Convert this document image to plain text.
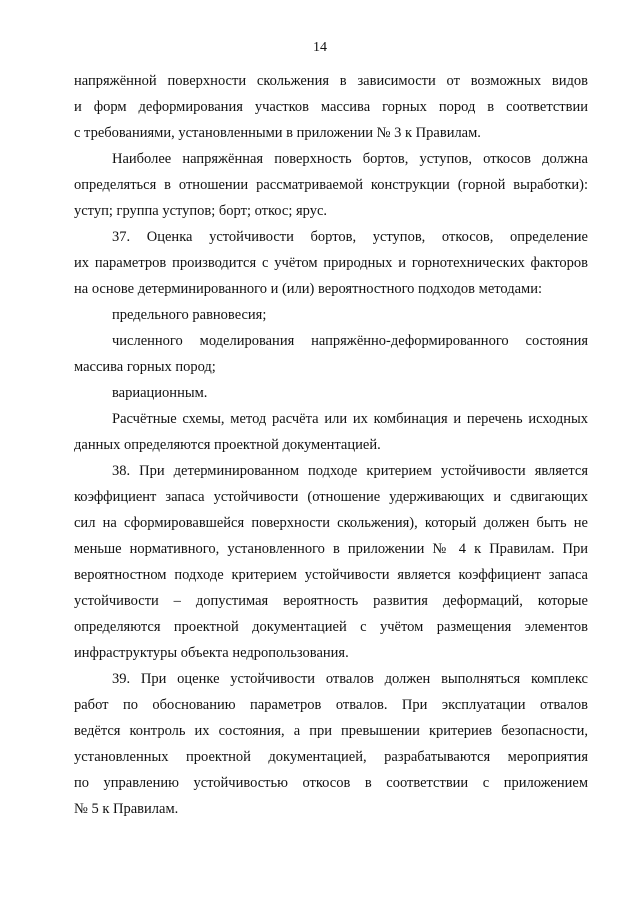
14
напряжённой поверхности скольжения в зависимости от возможных видов
и форм деформирования участков массива горных пород в соответствии
с требованиями, установленными в приложении № 3 к Правилам.
Наиболее напряжённая поверхность бортов, уступов, откосов должна
определяться в отношении рассматриваемой конструкции (горной выработки):
уступ; группа уступов; борт; откос; ярус.
37. Оценка устойчивости бортов, уступов, откосов, определение
их параметров производится с учётом природных и горнотехнических факторов
на основе детерминированного и (или) вероятностного подходов методами:
предельного равновесия;
численного моделирования напряжённо-деформированного состояния
массива горных пород;
вариационным.
Расчётные схемы, метод расчёта или их комбинация и перечень исходных
данных определяются проектной документацией.
38. При детерминированном подходе критерием устойчивости является
коэффициент запаса устойчивости (отношение удерживающих и сдвигающих
сил на сформировавшейся поверхности скольжения), который должен быть не
меньше нормативного, установленного в приложении № 4 к Правилам. При
вероятностном подходе критерием устойчивости является коэффициент запаса
устойчивости – допустимая вероятность развития деформаций, которые
определяются проектной документацией с учётом размещения элементов
инфраструктуры объекта недропользования.
39. При оценке устойчивости отвалов должен выполняться комплекс
работ по обоснованию параметров отвалов. При эксплуатации отвалов
ведётся контроль их состояния, а при превышении критериев безопасности,
установленных проектной документацией, разрабатываются мероприятия
по управлению устойчивостью откосов в соответствии с приложением
№ 5 к Правилам.
